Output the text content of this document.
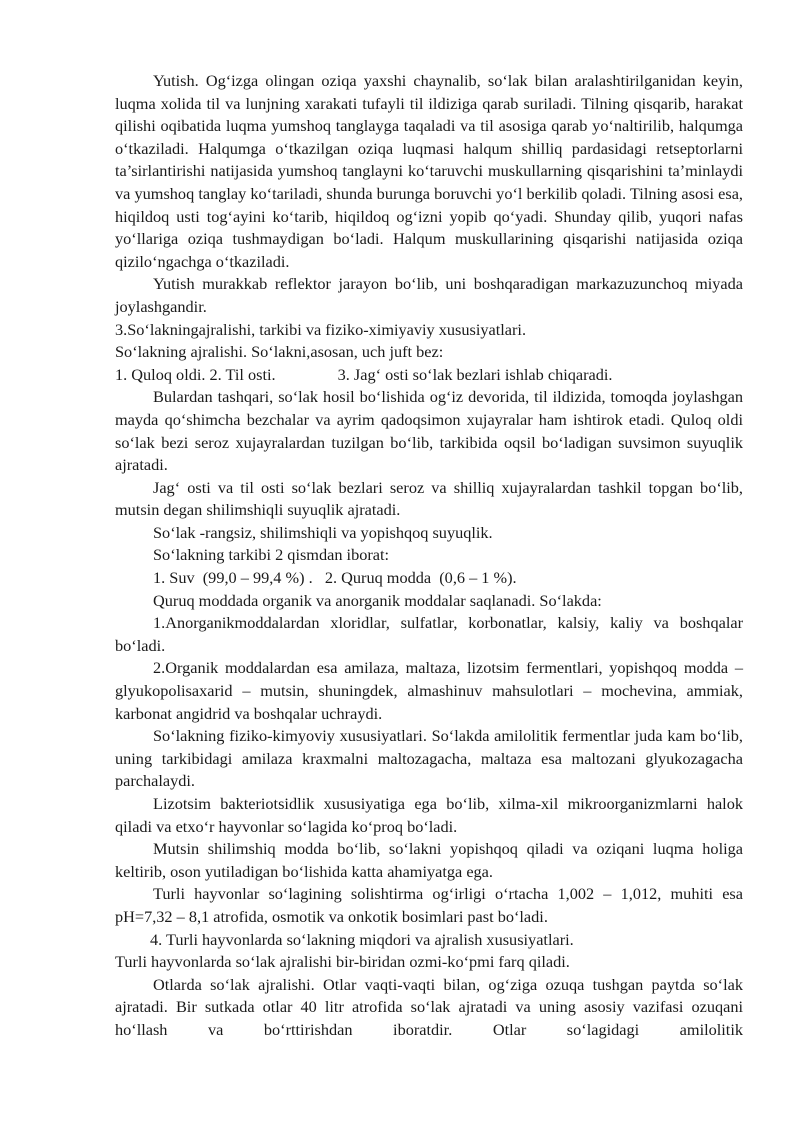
Yutish. Og‘izga olingan oziqa yaxshi chaynalib, so‘lak bilan aralashtirilganidan keyin, luqma xolida til va lunjning xarakati tufayli til ildiziga qarab suriladi. Tilning qisqarib, harakat qilishi oqibatida luqma yumshoq tanglayga taqaladi va til asosiga qarab yo‘naltirilib, halqumga o‘tkaziladi. Halqumga o‘tkazilgan oziqa luqmasi halqum shilliq pardasidagi retseptorlarni ta’sirlantirishi natijasida yumshoq tanglayni ko‘taruvchi muskullarning qisqarishini ta’minlaydi va yumshoq tanglay ko‘tariladi, shunda burunga boruvchi yo‘l berkilib qoladi. Tilning asosi esa, hiqildoq usti tog‘ayini ko‘tarib, hiqildoq og‘izni yopib qo‘yadi. Shunday qilib, yuqori nafas yo‘llariga oziqa tushmaydigan bo‘ladi. Halqum muskullarining qisqarishi natijasida oziqa qizilo‘ngachga o‘tkaziladi.

Yutish murakkab reflektor jarayon bo‘lib, uni boshqaradigan markazuzunchoq miyada joylashgandir.

3.So‘lakningajralishi, tarkibi va fiziko-ximiyaviy xususiyatlari.

So‘lakning ajralishi. So‘lakni,asosan, uch juft bez:

1. Quloq oldi. 2. Til osti.	3. Jag‘ osti so‘lak bezlari ishlab chiqaradi.

Bulardan tashqari, so‘lak hosil bo‘lishida og‘iz devorida, til ildizida, tomoqda joylashgan mayda qo‘shimcha bezchalar va ayrim qadoqsimon xujayralar ham ishtirok etadi. Quloq oldi so‘lak bezi seroz xujayralardan tuzilgan bo‘lib, tarkibida oqsil bo‘ladigan suvsimon suyuqlik ajratadi.

Jag‘ osti va til osti so‘lak bezlari seroz va shilliq xujayralardan tashkil topgan bo‘lib, mutsin degan shilimshiqli suyuqlik ajratadi.

So‘lak -rangsiz, shilimshiqli va yopishqoq suyuqlik.

So‘lakning tarkibi 2 qismdan iborat:

1. Suv  (99,0 – 99,4 %) .   2. Quruq modda  (0,6 – 1 %).

Quruq moddada organik va anorganik moddalar saqlanadi. So‘lakda:

1.Anorganikmoddalardan xloridlar, sulfatlar, korbonatlar, kalsiy, kaliy va boshqalar bo‘ladi.

2.Organik moddalardan esa amilaza, maltaza, lizotsim fermentlari, yopishqoq modda – glyukopolisaxarid – mutsin, shuningdek, almashinuv mahsulotlari – mochevina, ammiak, karbonat angidrid va boshqalar uchraydi.

So‘lakning fiziko-kimyoviy xususiyatlari. So‘lakda amilolitik fermentlar juda kam bo‘lib, uning tarkibidagi amilaza kraxmalni maltozagacha, maltaza esa maltozani glyukozagacha parchalaydi.

Lizotsim bakteriotsidlik xususiyatiga ega bo‘lib, xilma-xil mikroorganizmlarni halok qiladi va etxo‘r hayvonlar so‘lagida ko‘proq bo‘ladi.

Mutsin shilimshiq modda bo‘lib, so‘lakni yopishqoq qiladi va oziqani luqma holiga keltirib, oson yutiladigan bo‘lishida katta ahamiyatga ega.

Turli hayvonlar so‘lagining solishtirma og‘irligi o‘rtacha 1,002 – 1,012, muhiti esa pH=7,32 – 8,1 atrofida, osmotik va onkotik bosimlari past bo‘ladi.

4. Turli hayvonlarda so‘lakning miqdori va ajralish xususiyatlari.

Turli hayvonlarda so‘lak ajralishi bir-biridan ozmi-ko‘pmi farq qiladi.

Otlarda so‘lak ajralishi. Otlar vaqti-vaqti bilan, og‘ziga ozuqa tushgan paytda so‘lak ajratadi. Bir sutkada otlar 40 litr atrofida so‘lak ajratadi va uning asosiy vazifasi ozuqani ho‘llash va bo‘rttirishdan iboratdir. Otlar so‘lagidagi amilolitik
